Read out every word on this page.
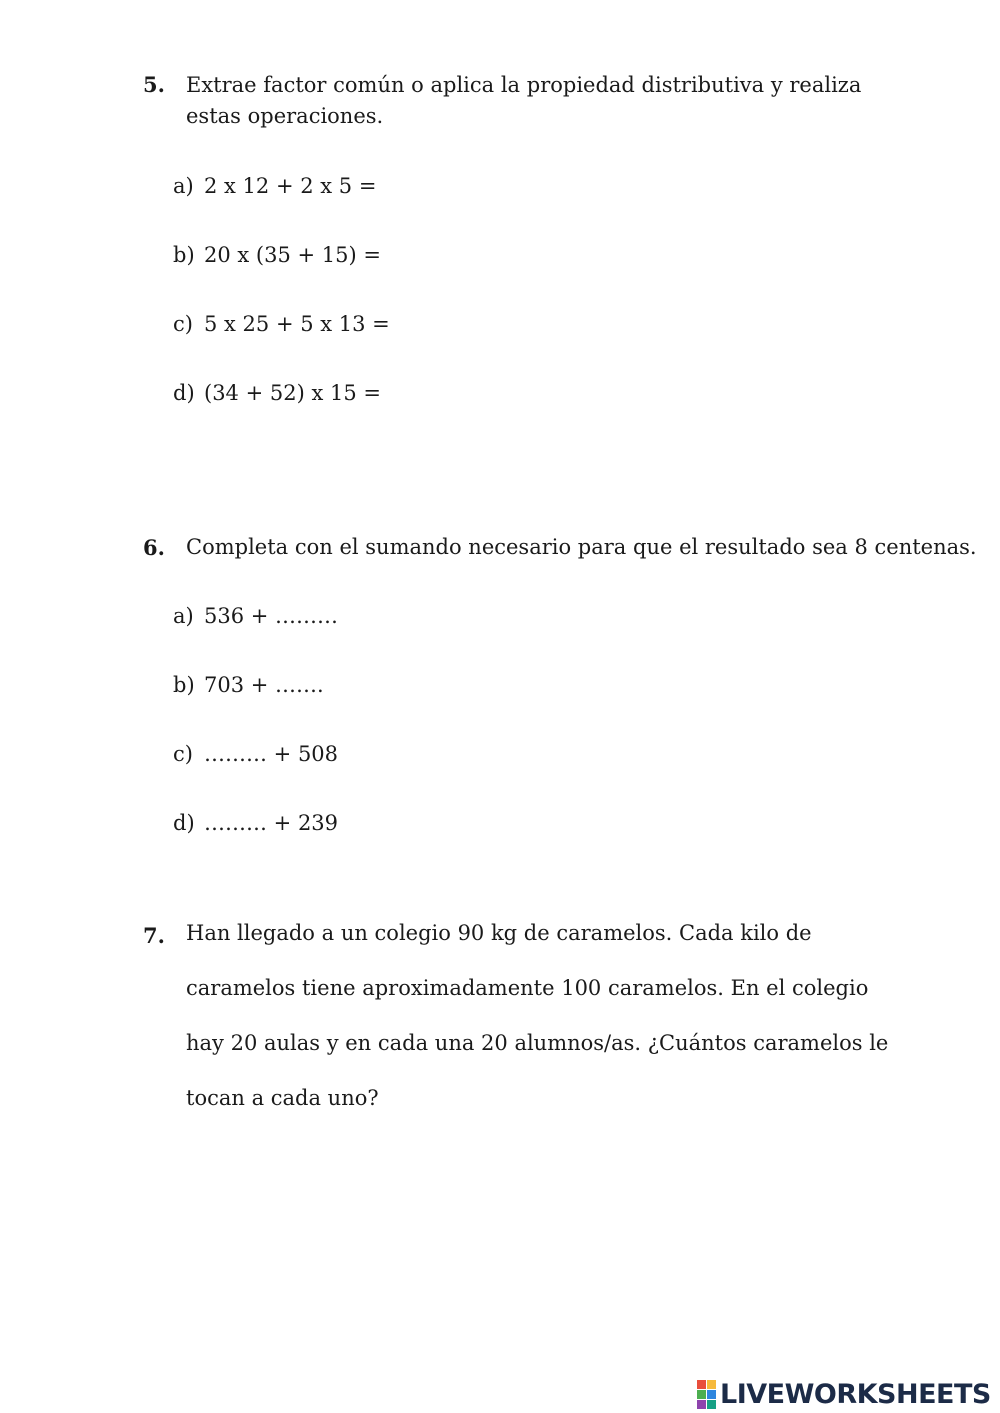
5. Extrae factor común o aplica la propiedad distributiva y realiza
estas operaciones.
a) 2 x 12 + 2 x 5 =
b) 20 x (35 + 15) =
c) 5 x 25 + 5 x 13 =
d) (34 + 52) x 15 =
6. Completa con el sumando necesario para que el resultado sea 8 centenas.
a) 536 + ………
b) 703 + …….
c) ……… + 508
d) ……… + 239
7. Han llegado a un colegio 90 kg de caramelos. Cada kilo de
caramelos tiene aproximadamente 100 caramelos. En el colegio
hay 20 aulas y en cada una 20 alumnos/as. ¿Cuántos caramelos le
tocan a cada uno?
LIVEWORKSHEETS
